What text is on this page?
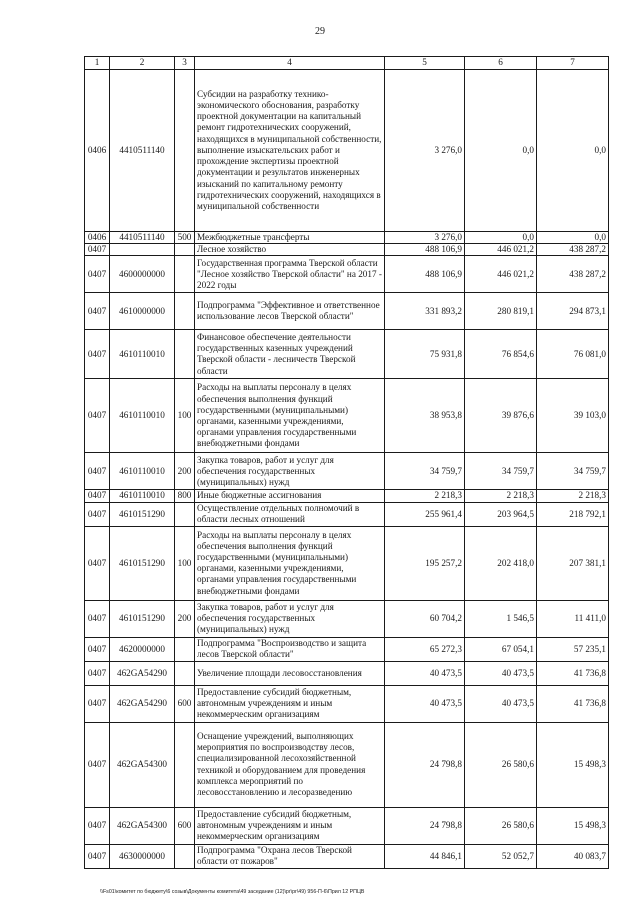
29
1	2	3	4	5	6	7
0406	4410511140		Субсидии на разработку технико-экономического обоснования, разработку проектной документации на капитальный ремонт гидротехнических сооружений, находящихся в муниципальной собственности, выполнение изыскательских работ и прохождение экспертизы проектной документации и результатов инженерных изысканий по капитальному ремонту гидротехнических сооружений, находящихся в муниципальной собственности	3 276,0	0,0	0,0
0406	4410511140	500	Межбюджетные трансферты	3 276,0	0,0	0,0
0407			Лесное хозяйство	488 106,9	446 021,2	438 287,2
0407	4600000000		Государственная программа Тверской области "Лесное хозяйство Тверской области" на 2017 - 2022 годы	488 106,9	446 021,2	438 287,2
0407	4610000000		Подпрограмма "Эффективное и ответственное использование лесов Тверской области"	331 893,2	280 819,1	294 873,1
0407	4610110010		Финансовое обеспечение деятельности государственных казенных учреждений Тверской области - лесничеств Тверской области	75 931,8	76 854,6	76 081,0
0407	4610110010	100	Расходы на выплаты персоналу в целях обеспечения выполнения функций государственными (муниципальными) органами, казенными учреждениями, органами управления государственными внебюджетными фондами	38 953,8	39 876,6	39 103,0
0407	4610110010	200	Закупка товаров, работ и услуг для обеспечения государственных (муниципальных) нужд	34 759,7	34 759,7	34 759,7
0407	4610110010	800	Иные бюджетные ассигнования	2 218,3	2 218,3	2 218,3
0407	4610151290		Осуществление отдельных полномочий в области лесных отношений	255 961,4	203 964,5	218 792,1
0407	4610151290	100	Расходы на выплаты персоналу в целях обеспечения выполнения функций государственными (муниципальными) органами, казенными учреждениями, органами управления государственными внебюджетными фондами	195 257,2	202 418,0	207 381,1
0407	4610151290	200	Закупка товаров, работ и услуг для обеспечения государственных (муниципальных) нужд	60 704,2	1 546,5	11 411,0
0407	4620000000		Подпрограмма "Воспроизводство и защита лесов Тверской области"	65 272,3	67 054,1	57 235,1
0407	462GA54290		Увеличение площади лесовосстановления	40 473,5	40 473,5	41 736,8
0407	462GA54290	600	Предоставление субсидий бюджетным, автономным учреждениям и иным некоммерческим организациям	40 473,5	40 473,5	41 736,8
0407	462GA54300		Оснащение учреждений, выполняющих мероприятия по воспроизводству лесов, специализированной лесохозяйственной техникой и оборудованием для проведения комплекса мероприятий по лесовосстановлению и лесоразведению	24 798,8	26 580,6	15 498,3
0407	462GA54300	600	Предоставление субсидий бюджетным, автономным учреждениям и иным некоммерческим организациям	24 798,8	26 580,6	15 498,3
0407	4630000000		Подпрограмма "Охрана лесов Тверской области от пожаров"	44 846,1	52 052,7	40 083,7
\\Fs01\комитет по бюджету\6 созыв\Документы комитета\49 заседание (12)\pr\pr\49) 956-П-6\Прил 12 РПЦВ
